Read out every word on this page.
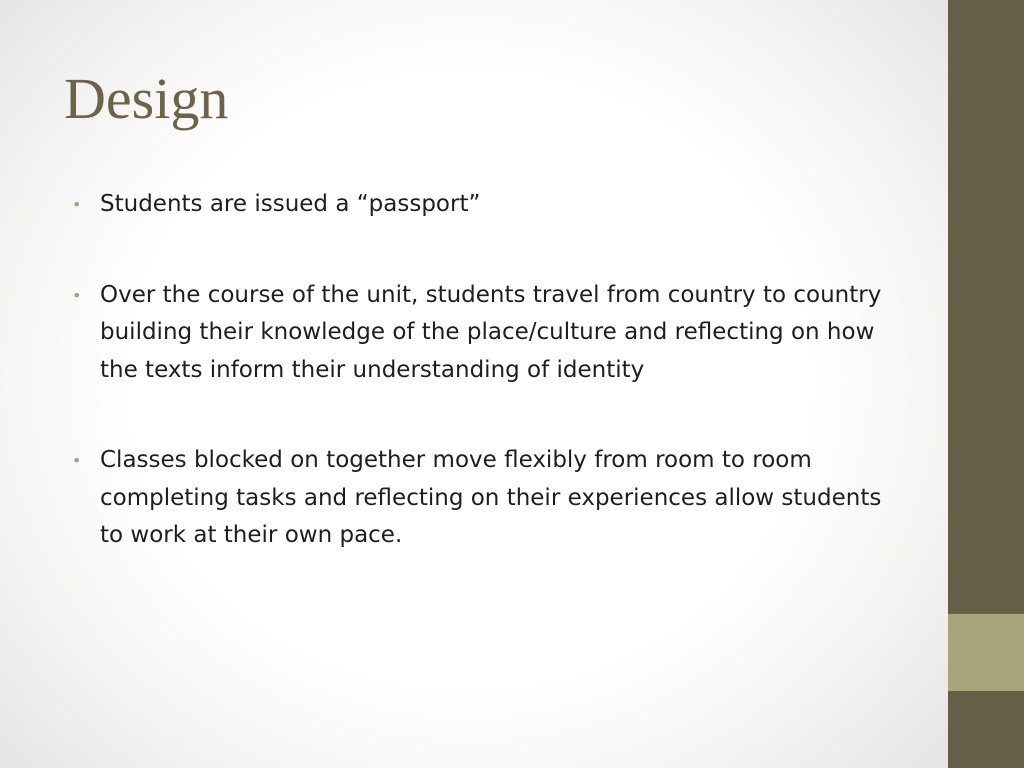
Design
• Students are issued a “passport”
• Over the course of the unit, students travel from country to country building their knowledge of the place/culture and reflecting on how the texts inform their understanding of identity
• Classes blocked on together move flexibly from room to room completing tasks and reflecting on their experiences allow students to work at their own pace.
